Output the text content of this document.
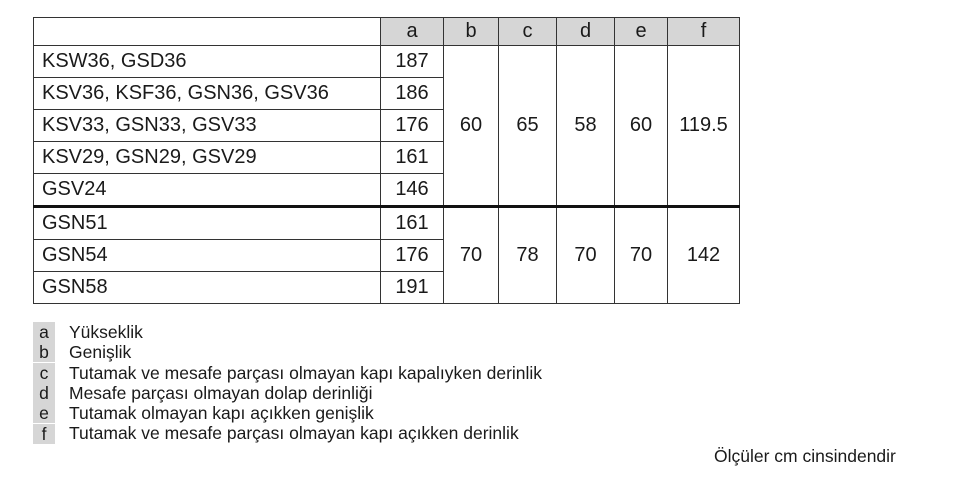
	a	b	c	d	e	f
KSW36, GSD36	187	60	65	58	60	119.5
KSV36, KSF36, GSN36, GSV36	186					
KSV33, GSN33, GSV33	176					
KSV29, GSN29, GSV29	161					
GSV24	146					
GSN51	161	70	78	70	70	142
GSN54	176					
GSN58	191					
a	Yükseklik
b	Genişlik
c	Tutamak ve mesafe parçası olmayan kapı kapalıyken derinlik
d	Mesafe parçası olmayan dolap derinliği
e	Tutamak olmayan kapı açıkken genişlik
f	Tutamak ve mesafe parçası olmayan kapı açıkken derinlik
Ölçüler cm cinsindendir
